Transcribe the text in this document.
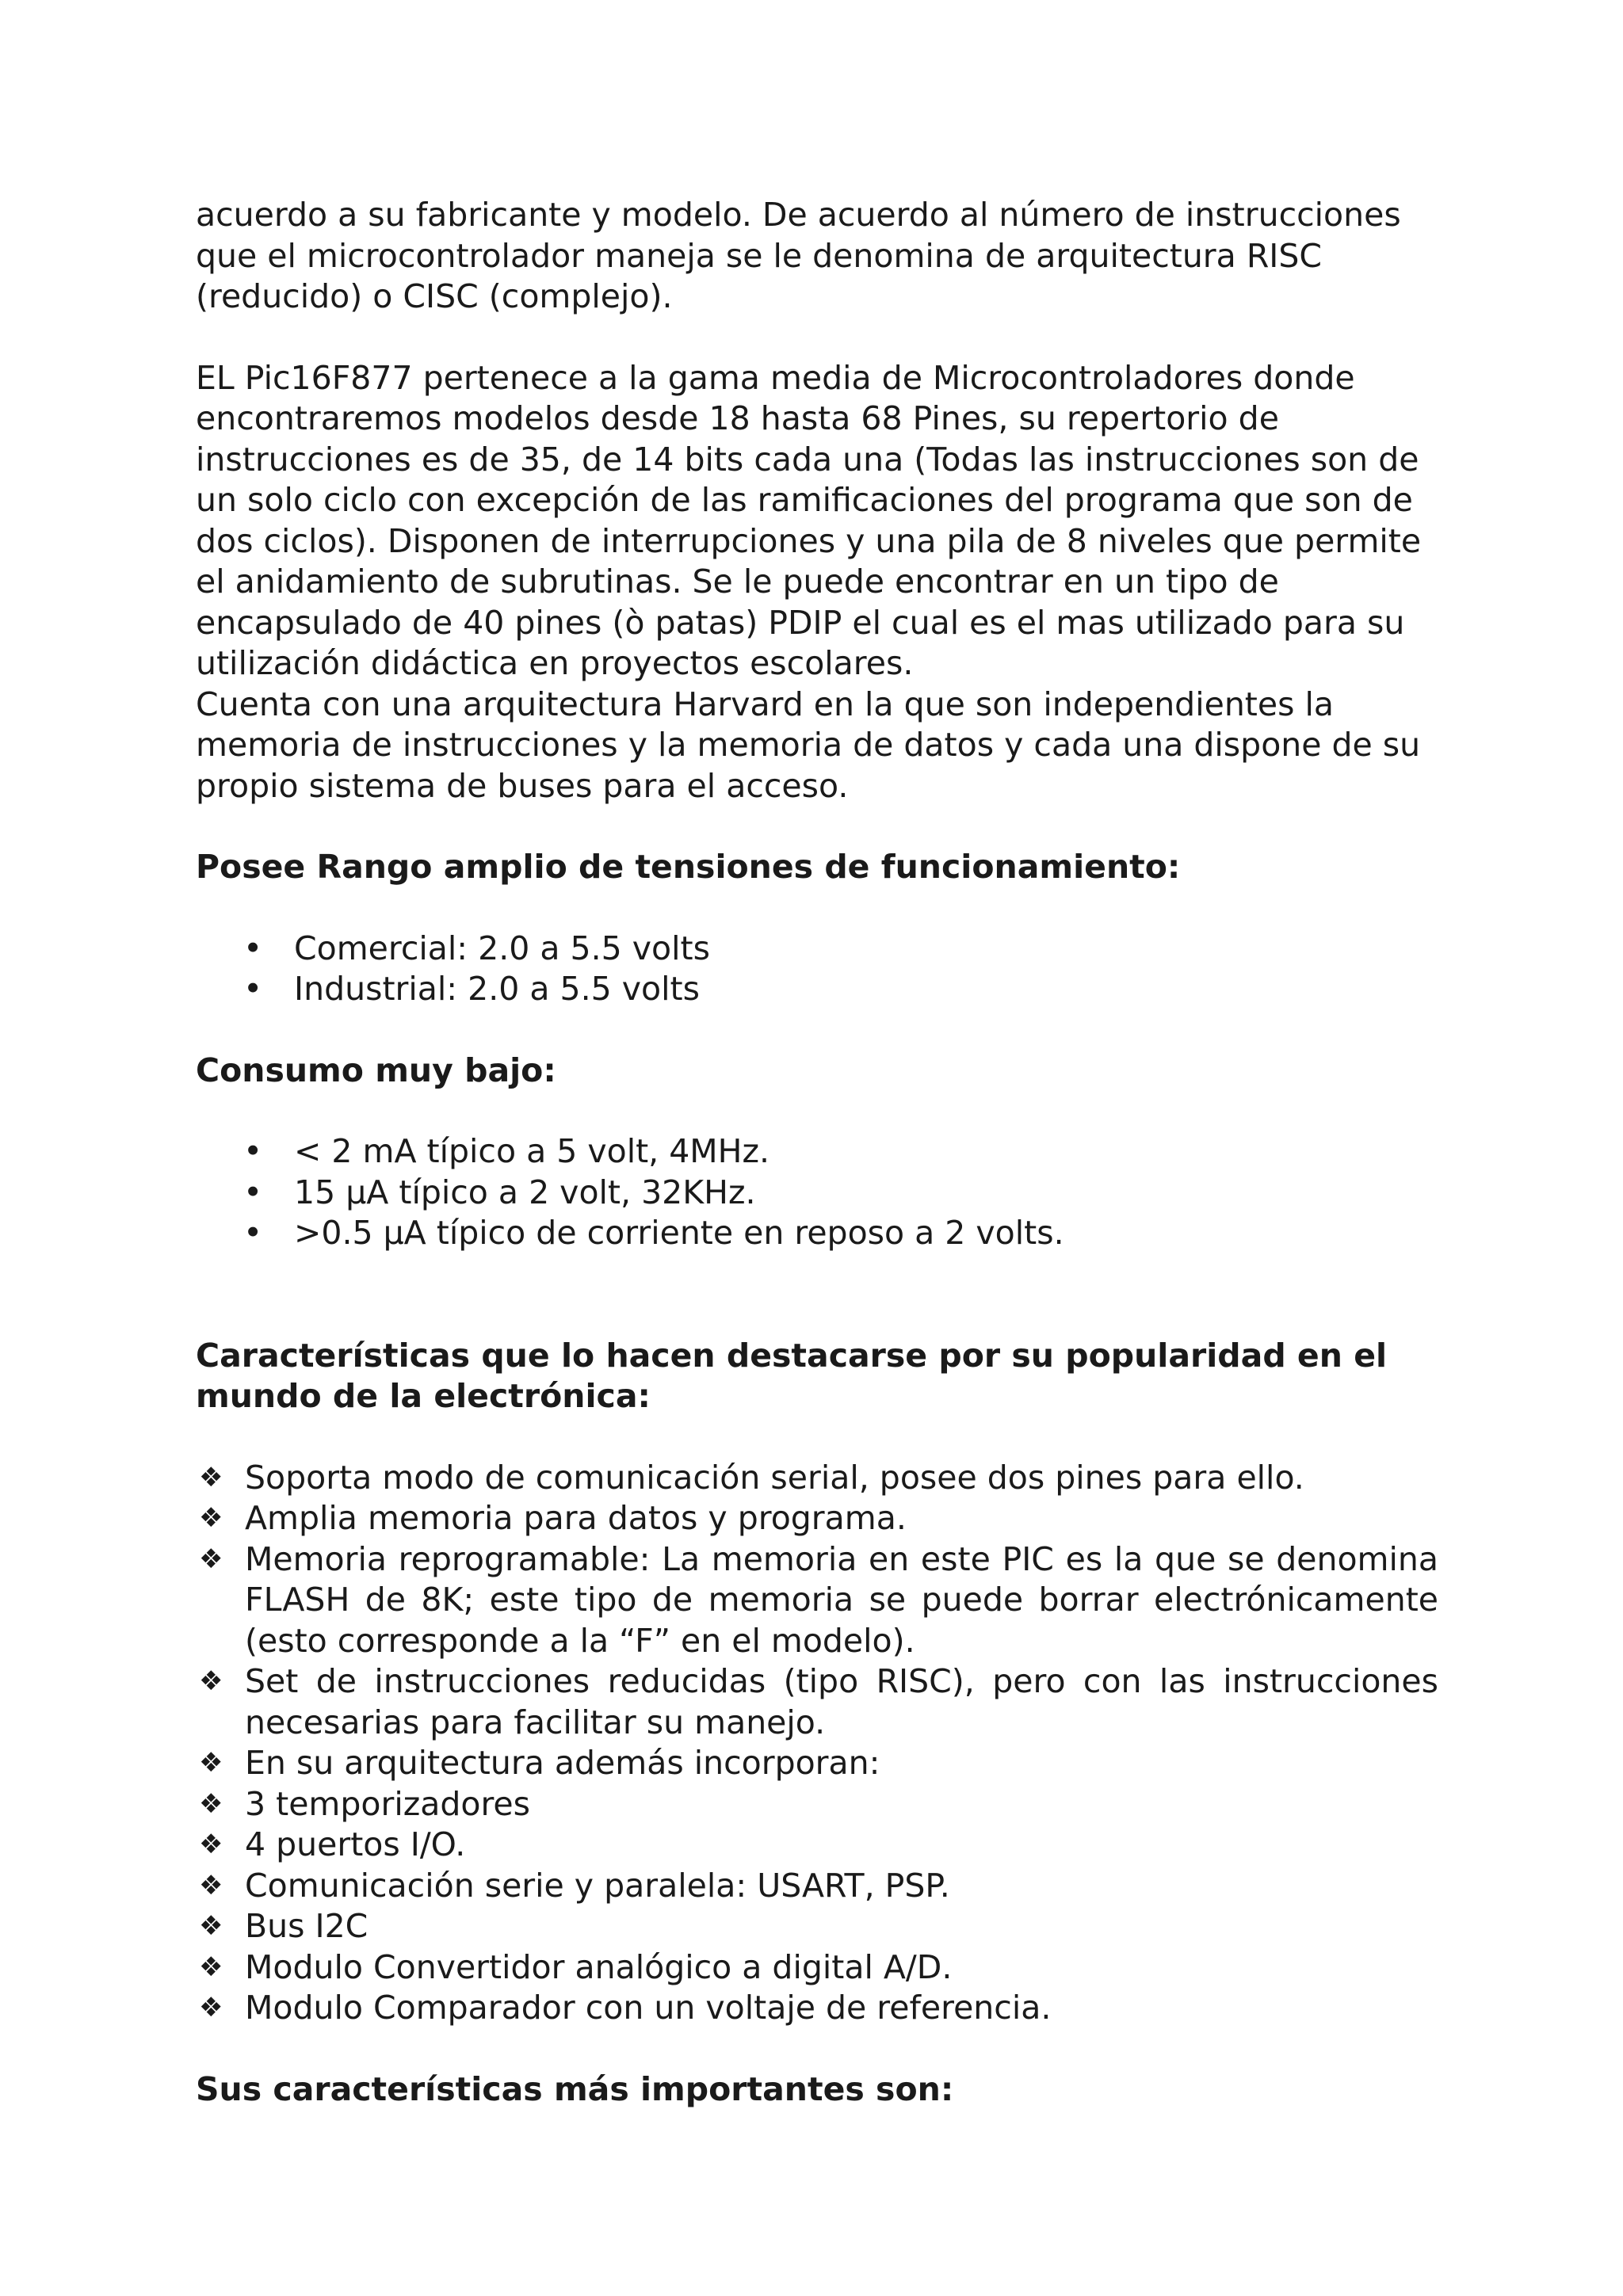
acuerdo a su fabricante y modelo. De acuerdo al número de instrucciones que el microcontrolador maneja se le denomina de arquitectura RISC (reducido) o CISC (complejo).

EL Pic16F877 pertenece a la gama media de Microcontroladores donde encontraremos modelos desde 18 hasta 68 Pines, su repertorio de instrucciones es de 35, de 14 bits cada una (Todas las instrucciones son de un solo ciclo con excepción de las ramificaciones del programa que son de dos ciclos). Disponen de interrupciones y una pila de 8 niveles que permite el anidamiento de subrutinas. Se le puede encontrar en un tipo de encapsulado de 40 pines (ò patas) PDIP el cual es el mas utilizado para su utilización didáctica en proyectos escolares.

Cuenta con una arquitectura Harvard en la que son independientes la memoria de instrucciones y la memoria de datos y cada una dispone de su propio sistema de buses para el acceso.

Posee Rango amplio de tensiones de funcionamiento:
• Comercial: 2.0 a 5.5 volts
• Industrial: 2.0 a 5.5 volts
Consumo muy bajo:
• < 2 mA típico a 5 volt, 4MHz.
• 15 µA típico a 2 volt, 32KHz.
• >0.5 µA típico de corriente en reposo a 2 volts.
Características que lo hacen destacarse por su popularidad en el mundo de la electrónica:
❖ Soporta modo de comunicación serial, posee dos pines para ello.
❖ Amplia memoria para datos y programa.
❖ Memoria reprogramable: La memoria en este PIC es la que se denomina FLASH de 8K; este tipo de memoria se puede borrar electrónicamente (esto corresponde a la “F” en el modelo).
❖ Set de instrucciones reducidas (tipo RISC), pero con las instrucciones necesarias para facilitar su manejo.
❖ En su arquitectura además incorporan:
❖ 3 temporizadores
❖ 4 puertos I/O.
❖ Comunicación serie y paralela: USART, PSP.
❖ Bus I2C
❖ Modulo Convertidor analógico a digital A/D.
❖ Modulo Comparador con un voltaje de referencia.
Sus características más importantes son:
